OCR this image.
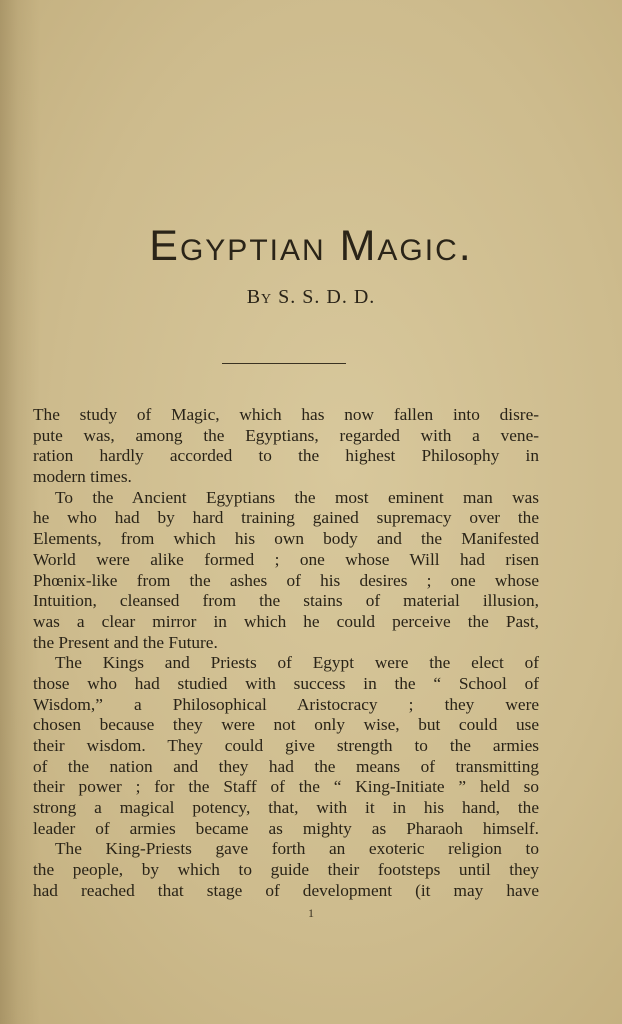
Egyptian Magic.
By S. S. D. D.
The study of Magic, which has now fallen into disre-
pute was, among the Egyptians, regarded with a vene-
ration hardly accorded to the highest Philosophy in
modern times.
To the Ancient Egyptians the most eminent man was
he who had by hard training gained supremacy over the
Elements, from which his own body and the Manifested
World were alike formed ; one whose Will had risen
Phœnix-like from the ashes of his desires ; one whose
Intuition, cleansed from the stains of material illusion,
was a clear mirror in which he could perceive the Past,
the Present and the Future.
The Kings and Priests of Egypt were the elect of
those who had studied with success in the “ School of
Wisdom,” a Philosophical Aristocracy ; they were
chosen because they were not only wise, but could use
their wisdom. They could give strength to the armies
of the nation and they had the means of transmitting
their power ; for the Staff of the “ King-Initiate ” held so
strong a magical potency, that, with it in his hand, the
leader of armies became as mighty as Pharaoh himself.
The King-Priests gave forth an exoteric religion to
the people, by which to guide their footsteps until they
had reached that stage of development (it may have
1
